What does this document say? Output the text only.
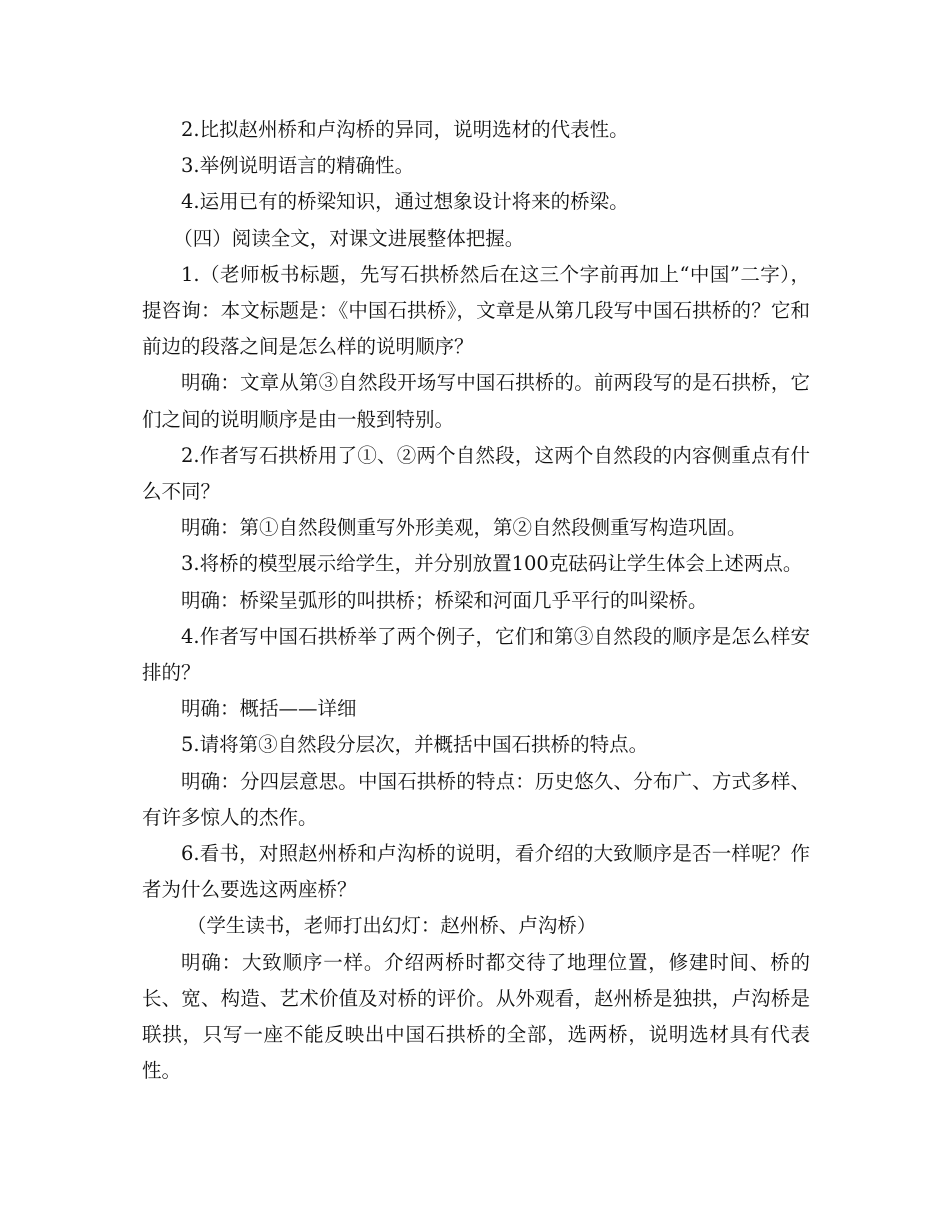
2.比拟赵州桥和卢沟桥的异同，说明选材的代表性。

3.举例说明语言的精确性。

4.运用已有的桥梁知识，通过想象设计将来的桥梁。

（四）阅读全文，对课文进展整体把握。

1.（老师板书标题，先写石拱桥然后在这三个字前再加上“中国”二字），提咨询：本文标题是：《中国石拱桥》，文章是从第几段写中国石拱桥的？它和前边的段落之间是怎么样的说明顺序？

明确：文章从第③自然段开场写中国石拱桥的。前两段写的是石拱桥，它们之间的说明顺序是由一般到特别。

2.作者写石拱桥用了①、②两个自然段，这两个自然段的内容侧重点有什么不同？

明确：第①自然段侧重写外形美观，第②自然段侧重写构造巩固。

3.将桥的模型展示给学生，并分别放置100克砝码让学生体会上述两点。

明确：桥梁呈弧形的叫拱桥；桥梁和河面几乎平行的叫梁桥。

4.作者写中国石拱桥举了两个例子，它们和第③自然段的顺序是怎么样安排的？

明确：概括——详细

5.请将第③自然段分层次，并概括中国石拱桥的特点。

明确：分四层意思。中国石拱桥的特点：历史悠久、分布广、方式多样、有许多惊人的杰作。

6.看书，对照赵州桥和卢沟桥的说明，看介绍的大致顺序是否一样呢？作者为什么要选这两座桥？

（学生读书，老师打出幻灯：赵州桥、卢沟桥）

明确：大致顺序一样。介绍两桥时都交待了地理位置，修建时间、桥的长、宽、构造、艺术价值及对桥的评价。从外观看，赵州桥是独拱，卢沟桥是联拱，只写一座不能反映出中国石拱桥的全部，选两桥，说明选材具有代表性。
